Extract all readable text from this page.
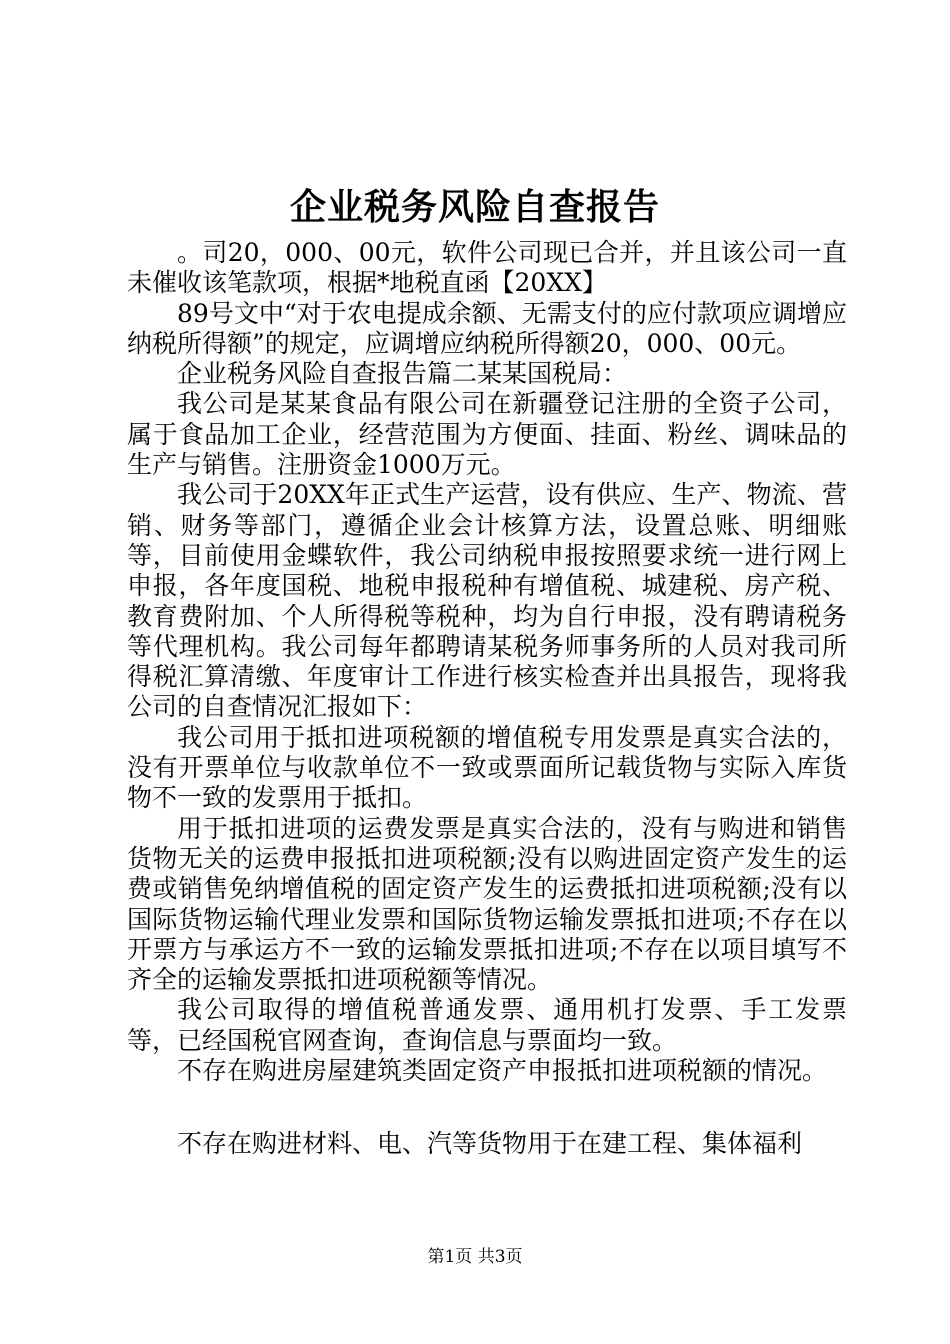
企业税务风险自查报告

。司20，000、00元，软件公司现已合并，并且该公司一直未催收该笔款项，根据*地税直函【20XX】

89号文中“对于农电提成余额、无需支付的应付款项应调增应纳税所得额”的规定，应调增应纳税所得额20，000、00元。

企业税务风险自查报告篇二某某国税局：

我公司是某某食品有限公司在新疆登记注册的全资子公司，属于食品加工企业，经营范围为方便面、挂面、粉丝、调味品的生产与销售。注册资金1000万元。

我公司于20XX年正式生产运营，设有供应、生产、物流、营销、财务等部门，遵循企业会计核算方法，设置总账、明细账等，目前使用金蝶软件，我公司纳税申报按照要求统一进行网上申报，各年度国税、地税申报税种有增值税、城建税、房产税、教育费附加、个人所得税等税种，均为自行申报，没有聘请税务等代理机构。我公司每年都聘请某税务师事务所的人员对我司所得税汇算清缴、年度审计工作进行核实检查并出具报告，现将我公司的自查情况汇报如下：

我公司用于抵扣进项税额的增值税专用发票是真实合法的，没有开票单位与收款单位不一致或票面所记载货物与实际入库货物不一致的发票用于抵扣。

用于抵扣进项的运费发票是真实合法的，没有与购进和销售货物无关的运费申报抵扣进项税额;没有以购进固定资产发生的运费或销售免纳增值税的固定资产发生的运费抵扣进项税额;没有以国际货物运输代理业发票和国际货物运输发票抵扣进项;不存在以开票方与承运方不一致的运输发票抵扣进项;不存在以项目填写不齐全的运输发票抵扣进项税额等情况。

我公司取得的增值税普通发票、通用机打发票、手工发票等，已经国税官网查询，查询信息与票面均一致。

不存在购进房屋建筑类固定资产申报抵扣进项税额的情况。

不存在购进材料、电、汽等货物用于在建工程、集体福利

第1页 共3页
